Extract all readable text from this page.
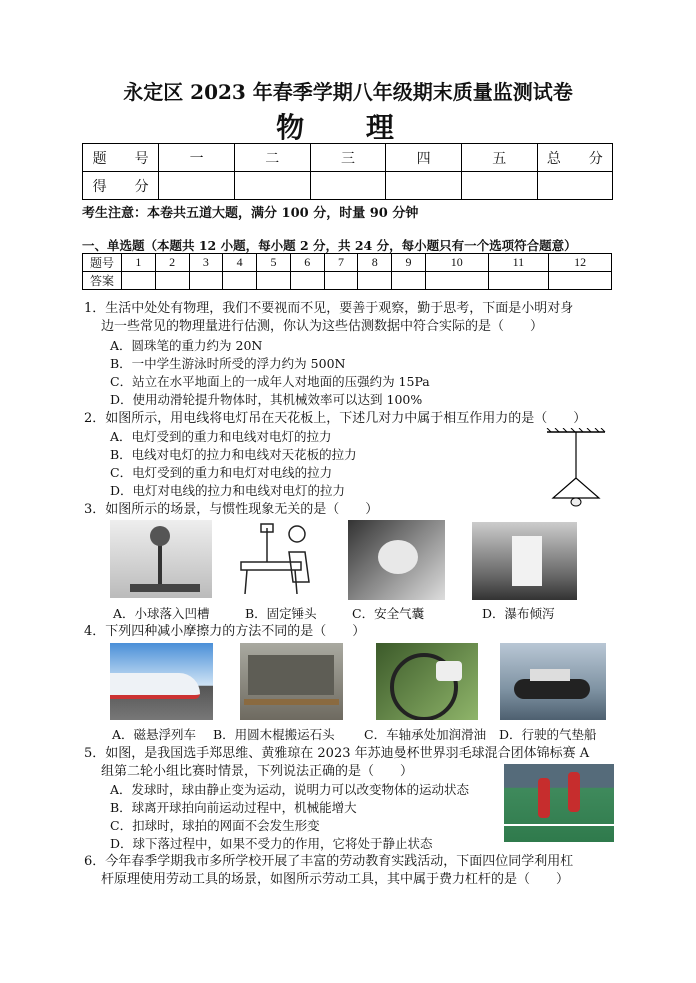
永定区 2023 年春季学期八年级期末质量监测试卷
物 理
题　　号	一	二	三	四	五	总　　分
得　　分						
考生注意：本卷共五道大题，满分 100 分，时量 90 分钟
一、单选题（本题共 12 小题，每小题 2 分，共 24 分，每小题只有一个选项符合题意）
题号	1	2	3	4	5	6	7	8	9	10	11	12
答案												
1．生活中处处有物理，我们不要视而不见，要善于观察，勤于思考，下面是小明对身
边一些常见的物理量进行估测，你认为这些估测数据中符合实际的是（　　）
A．圆珠笔的重力约为 20N
B．一中学生游泳时所受的浮力约为 500N
C．站立在水平地面上的一成年人对地面的压强约为 15Pa
D．使用动滑轮提升物体时，其机械效率可以达到 100%
2．如图所示，用电线将电灯吊在天花板上，下述几对力中属于相互作用力的是（　　）
A．电灯受到的重力和电线对电灯的拉力
B．电线对电灯的拉力和电线对天花板的拉力
C．电灯受到的重力和电灯对电线的拉力
D．电灯对电线的拉力和电线对电灯的拉力
3．如图所示的场景，与惯性现象无关的是（　　）
A．小球落入凹槽	B．固定锤头	C．安全气囊	D．瀑布倾泻
4．下列四种减小摩擦力的方法不同的是（　　）
A．磁悬浮列车 B．用圆木棍搬运石头 C．车轴承处加润滑油 D．行驶的气垫船
5．如图，是我国选手郑思维、黄雅琼在 2023 年苏迪曼杯世界羽毛球混合团体锦标赛 A
组第二轮小组比赛时情景，下列说法正确的是（　　）
A．发球时，球由静止变为运动，说明力可以改变物体的运动状态
B．球离开球拍向前运动过程中，机械能增大
C．扣球时，球拍的网面不会发生形变
D．球下落过程中，如果不受力的作用，它将处于静止状态
6．今年春季学期我市多所学校开展了丰富的劳动教育实践活动，下面四位同学利用杠
杆原理使用劳动工具的场景，如图所示劳动工具，其中属于费力杠杆的是（　　）
